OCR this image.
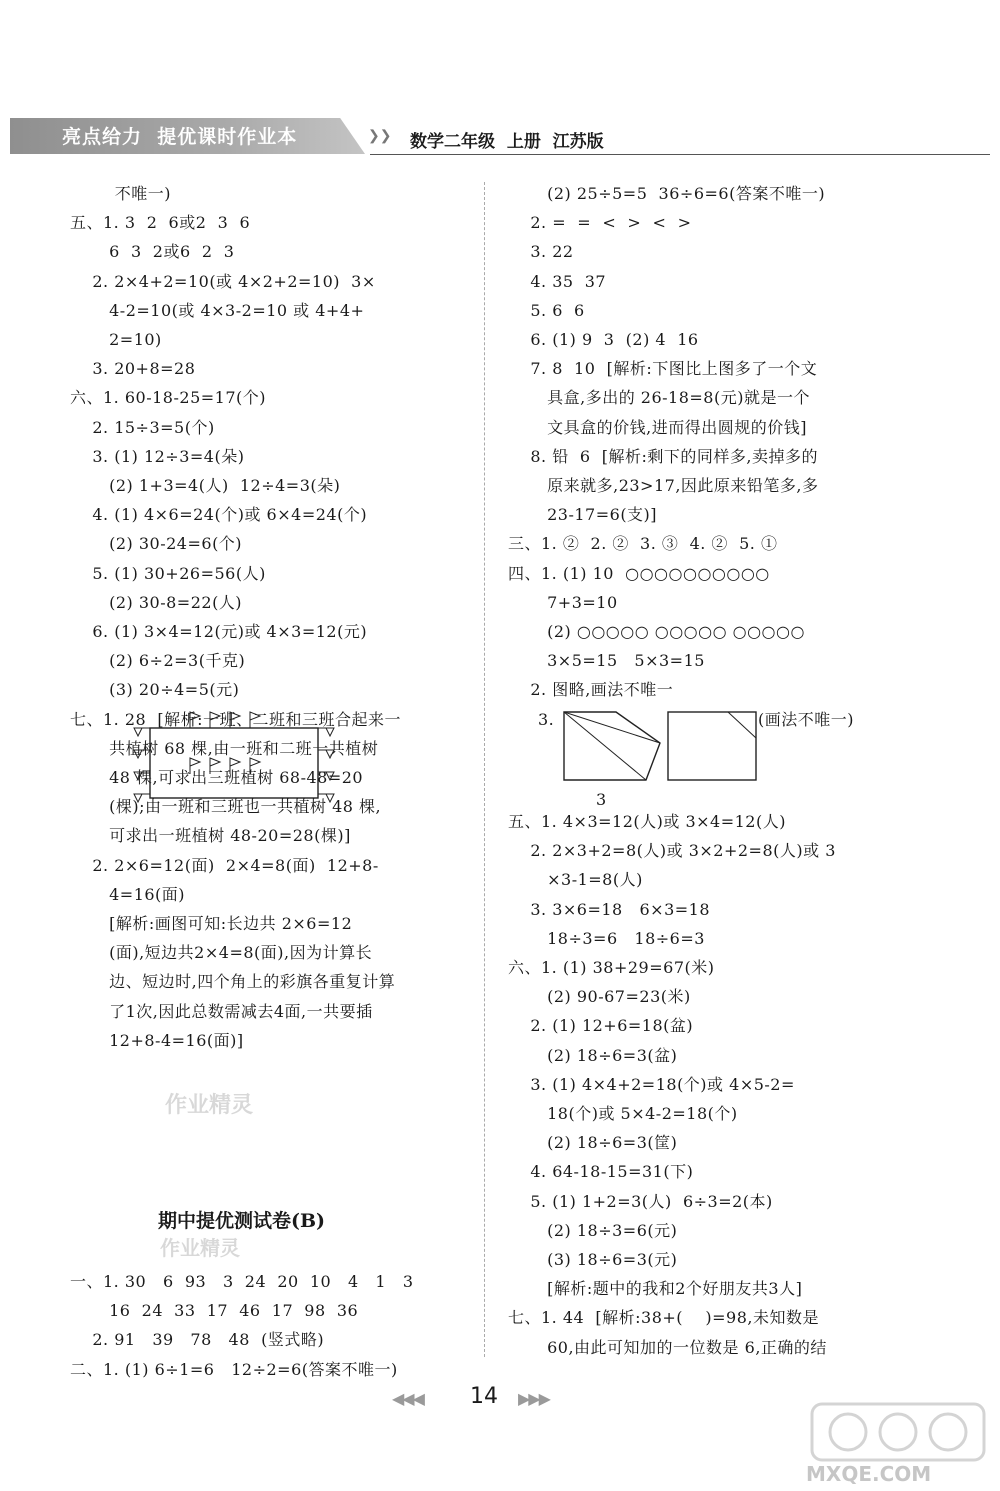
亮点给力  提优课时作业本	❯❯ 数学二年级  上册  江苏版
不唯一)
五、1. 3  2  6或2  3  6
6  3  2或6  2  3
2. 2×4+2=10(或 4×2+2=10)  3×
4-2=10(或 4×3-2=10 或 4+4+
2=10)
3. 20+8=28
六、1. 60-18-25=17(个)
2. 15÷3=5(个)
3. (1) 12÷3=4(朵)
(2) 1+3=4(人)  12÷4=3(朵)
4. (1) 4×6=24(个)或 6×4=24(个)
(2) 30-24=6(个)
5. (1) 30+26=56(人)
(2) 30-8=22(人)
6. (1) 3×4=12(元)或 4×3=12(元)
(2) 6÷2=3(千克)
(3) 20÷4=5(元)
七、1. 28  [解析:一班、二班和三班合起来一
共植树 68 棵,由一班和二班一共植树
48 棵,可求出三班植树 68-48=20
(棵);由一班和三班也一共植树 48 棵,
可求出一班植树 48-20=28(棵)]
2. 2×6=12(面)  2×4=8(面)  12+8-
4=16(面)
[解析:画图可知:长边共 2×6=12
(面),短边共2×4=8(面),因为计算长
边、短边时,四个角上的彩旗各重复计算
了1次,因此总数需减去4面,一共要插
12+8-4=16(面)]
期中提优测试卷(B)
一、1. 30   6  93   3  24  20  10   4   1   3
16  24  33  17  46  17  98  36
2. 91   39   78   48  (竖式略)
二、1. (1) 6÷1=6   12÷2=6(答案不唯一)
(2) 25÷5=5  36÷6=6(答案不唯一)
2. =  =  <  >  <  >
3. 22
4. 35  37
5. 6  6
6. (1) 9  3  (2) 4  16
7. 8  10  [解析:下图比上图多了一个文
具盒,多出的 26-18=8(元)就是一个
文具盒的价钱,进而得出圆规的价钱]
8. 铅  6  [解析:剩下的同样多,卖掉多的
原来就多,23>17,因此原来铅笔多,多
23-17=6(支)]
三、1. ②  2. ②  3. ③  4. ②  5. ①
四、1. (1) 10  ○○○○○○○○○○
7+3=10
(2) ○○○○○ ○○○○○ ○○○○○
3×5=15   5×3=15
2. 图略,画法不唯一
3.	(画法不唯一)
3
五、1. 4×3=12(人)或 3×4=12(人)
2. 2×3+2=8(人)或 3×2+2=8(人)或 3
×3-1=8(人)
3. 3×6=18   6×3=18
18÷3=6   18÷6=3
六、1. (1) 38+29=67(米)
(2) 90-67=23(米)
2. (1) 12+6=18(盆)
(2) 18÷6=3(盆)
3. (1) 4×4+2=18(个)或 4×5-2=
18(个)或 5×4-2=18(个)
(2) 18÷6=3(筐)
4. 64-18-15=31(下)
5. (1) 1+2=3(人)  6÷3=2(本)
(2) 18÷3=6(元)
(3) 18÷6=3(元)
[解析:题中的我和2个好朋友共3人]
七、1. 44  [解析:38+(    )=98,未知数是
60,由此可知加的一位数是 6,正确的结
作业精灵
作业精灵
◀◀◀ 14 ▶▶▶
MXQE.COM
